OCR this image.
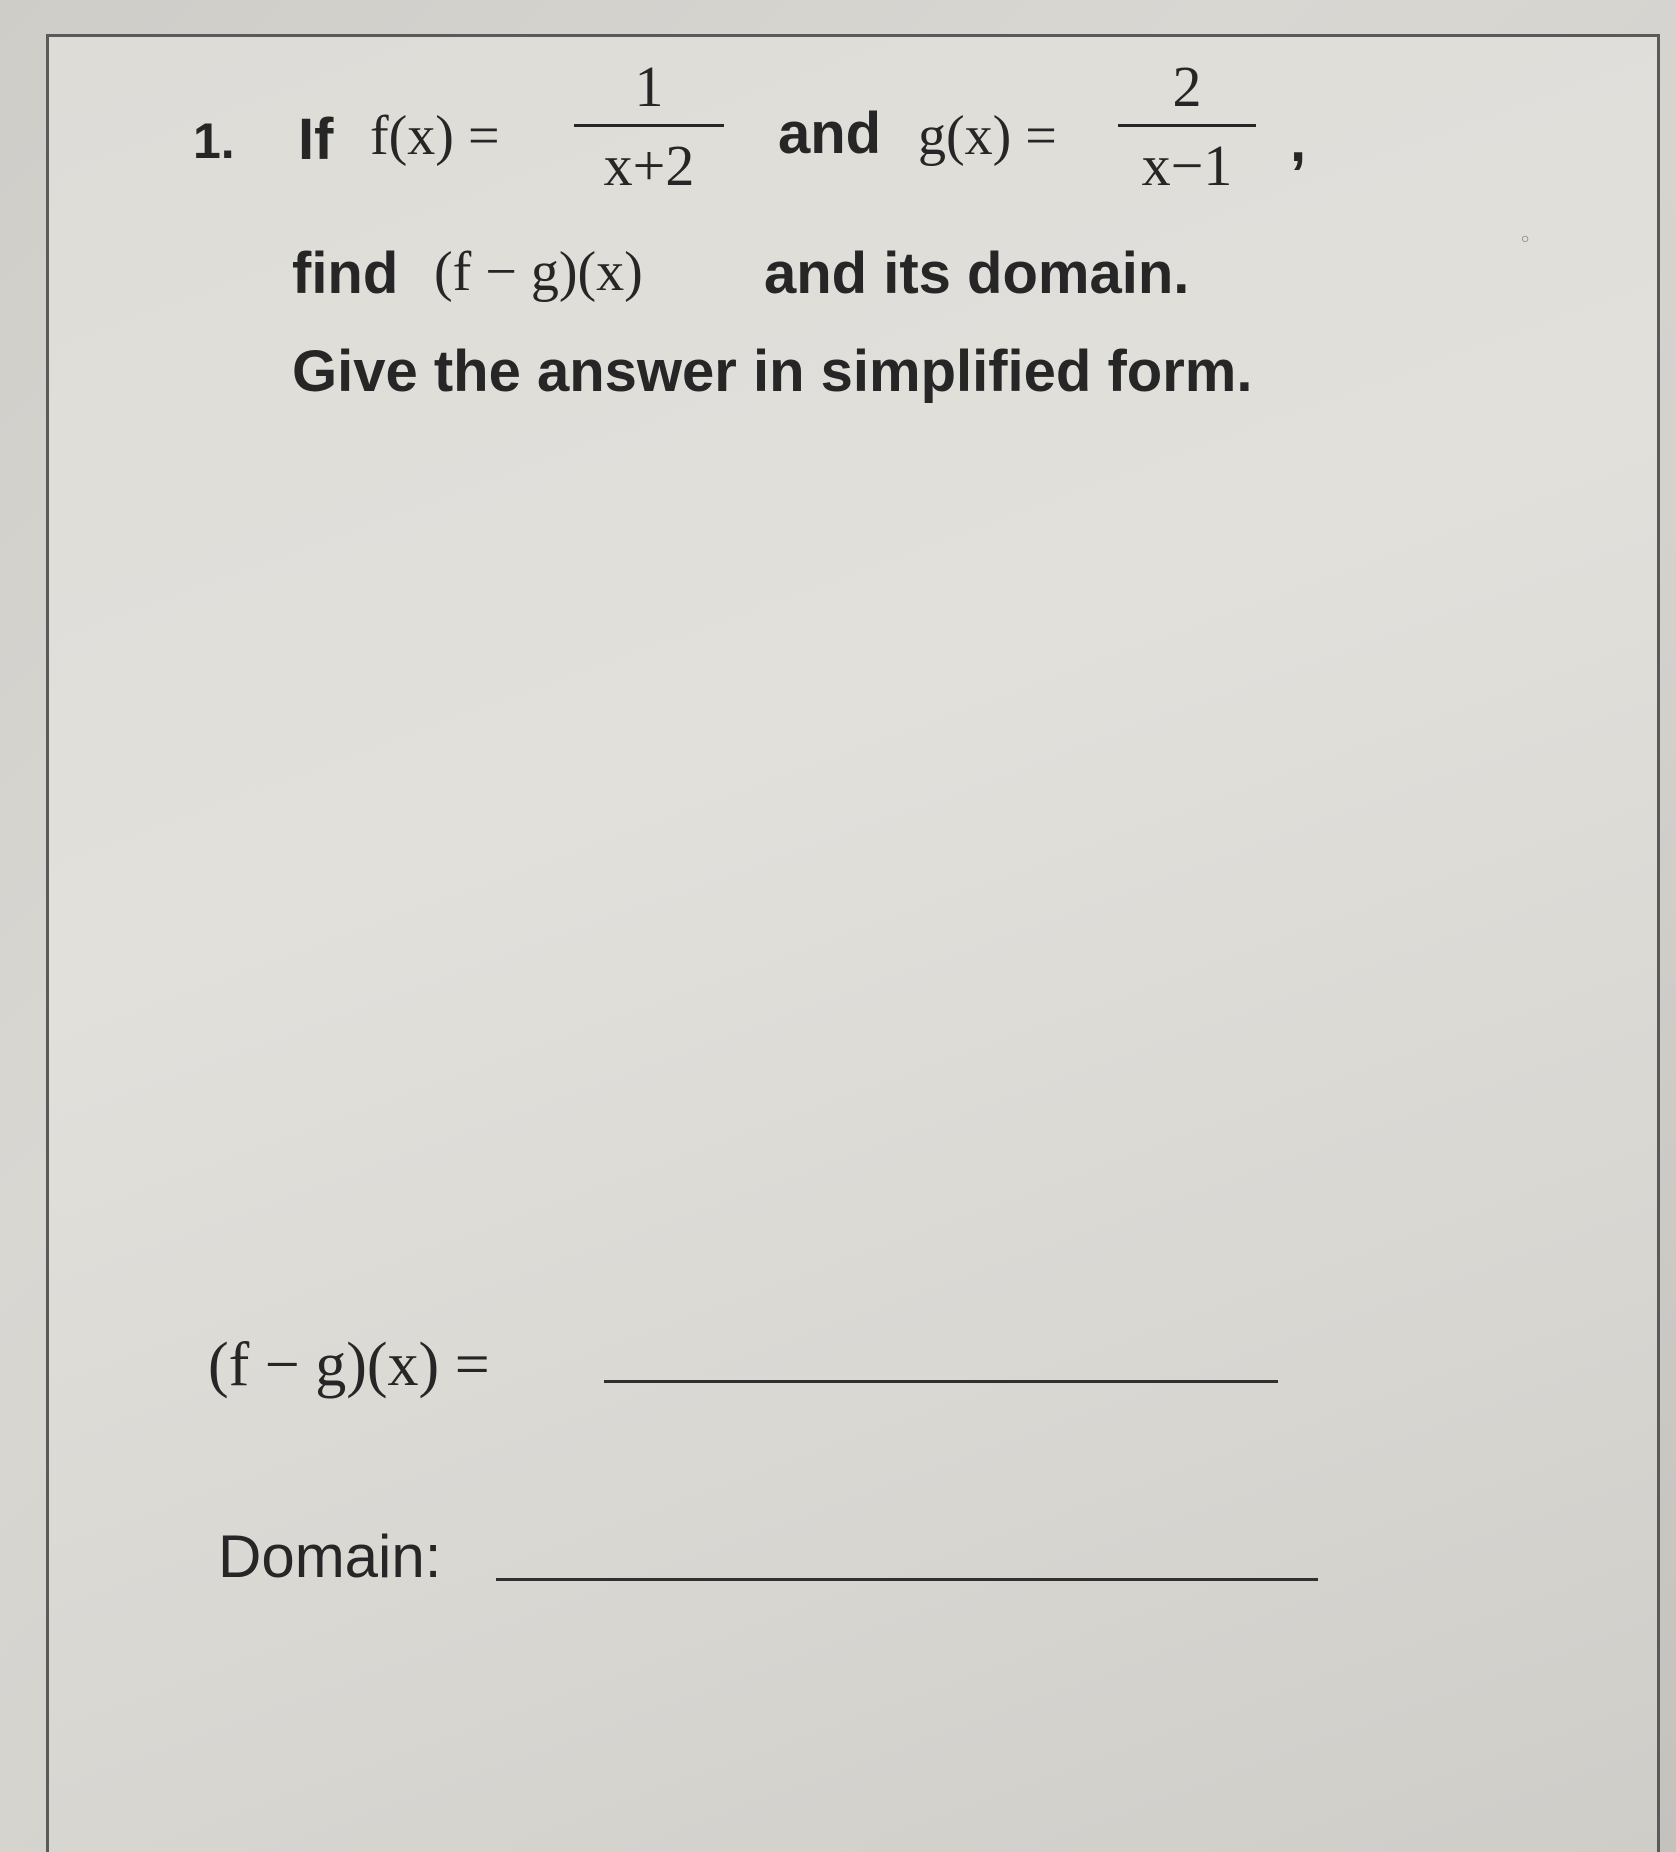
1. If f(x) =
1
x+2	and g(x) =
2
x−1 ,
find (f − g)(x) and its domain.
Give the answer in simplified form.
(f − g)(x) =
Domain:
○
